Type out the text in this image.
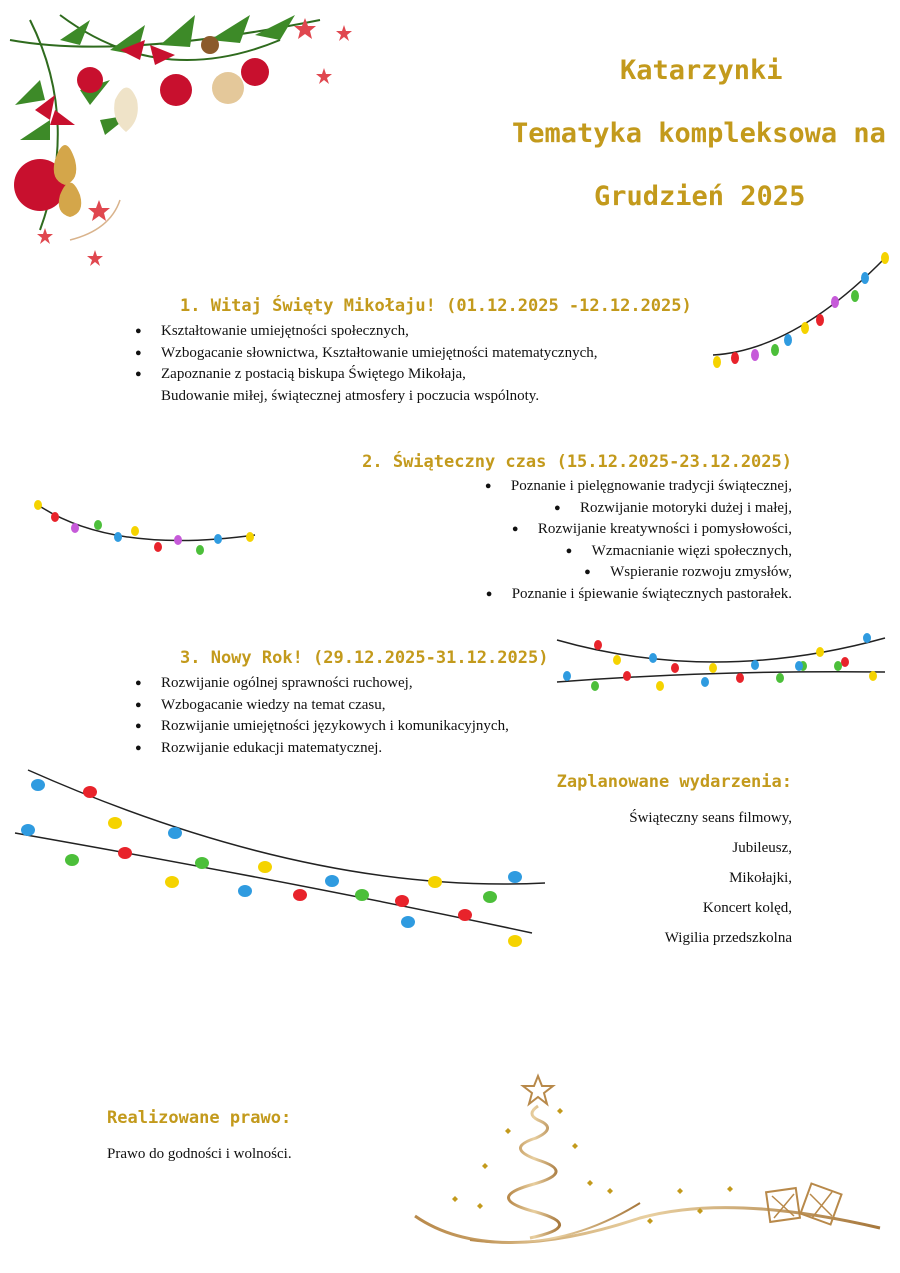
Katarzynki
Tematyka kompleksowa na
Grudzień 2025
1. Witaj Święty Mikołaju! (01.12.2025 -12.12.2025)
● Kształtowanie umiejętności społecznych,
● Wzbogacanie słownictwa, Kształtowanie umiejętności matematycznych,
● Zapoznanie z postacią biskupa Świętego Mikołaja,
Budowanie miłej, świątecznej atmosfery i poczucia wspólnoty.
2. Świąteczny czas (15.12.2025-23.12.2025)
● Poznanie i pielęgnowanie tradycji świątecznej,
● Rozwijanie motoryki dużej i małej,
● Rozwijanie kreatywności i pomysłowości,
● Wzmacnianie więzi społecznych,
● Wspieranie rozwoju zmysłów,
● Poznanie i śpiewanie świątecznych pastorałek.
3. Nowy Rok! (29.12.2025-31.12.2025)
● Rozwijanie ogólnej sprawności ruchowej,
● Wzbogacanie wiedzy na temat czasu,
● Rozwijanie umiejętności językowych i komunikacyjnych,
● Rozwijanie edukacji matematycznej.
Zaplanowane wydarzenia:

Świąteczny seans filmowy,

Jubileusz,

Mikołajki,

Koncert kolęd,

Wigilia przedszkolna

Realizowane prawo:
Prawo do godności i wolności.
